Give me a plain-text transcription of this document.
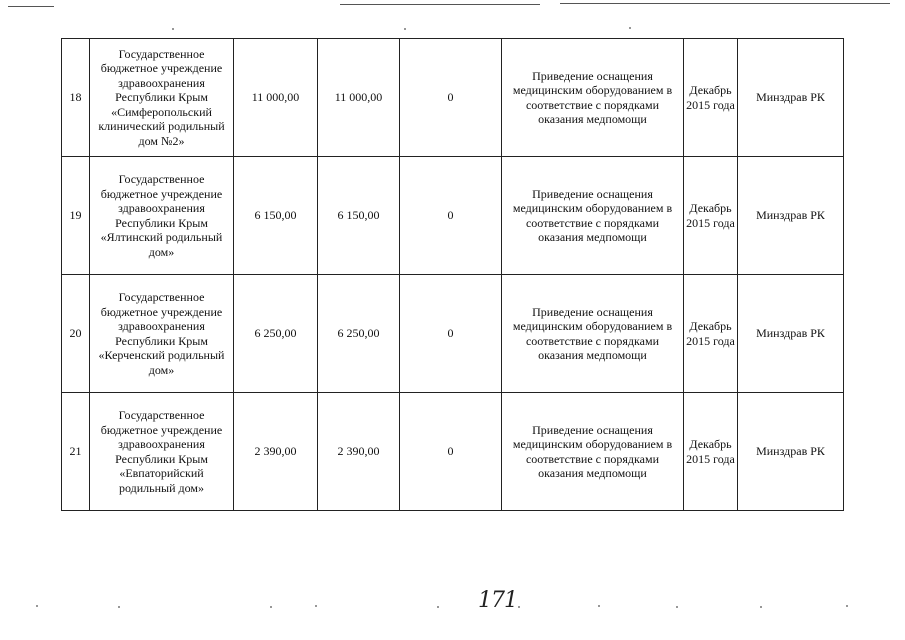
18	Государственное бюджетное учреждение здравоохранения Республики Крым «Симферопольский клинический родильный дом №2»	11 000,00	11 000,00	0	Приведение оснащения медицинским оборудованием в соответствие с порядками оказания медпомощи	Декабрь 2015 года	Минздрав РК
19	Государственное бюджетное учреждение здравоохранения Республики Крым «Ялтинский родильный дом»	6 150,00	6 150,00	0	Приведение оснащения медицинским оборудованием в соответствие с порядками оказания медпомощи	Декабрь 2015 года	Минздрав РК
20	Государственное бюджетное учреждение здравоохранения Республики Крым «Керченский родильный дом»	6 250,00	6 250,00	0	Приведение оснащения медицинским оборудованием в соответствие с порядками оказания медпомощи	Декабрь 2015 года	Минздрав РК
21	Государственное бюджетное учреждение здравоохранения Республики Крым «Евпаторийский родильный дом»	2 390,00	2 390,00	0	Приведение оснащения медицинским оборудованием в соответствие с порядками оказания медпомощи	Декабрь 2015 года	Минздрав РК
171
